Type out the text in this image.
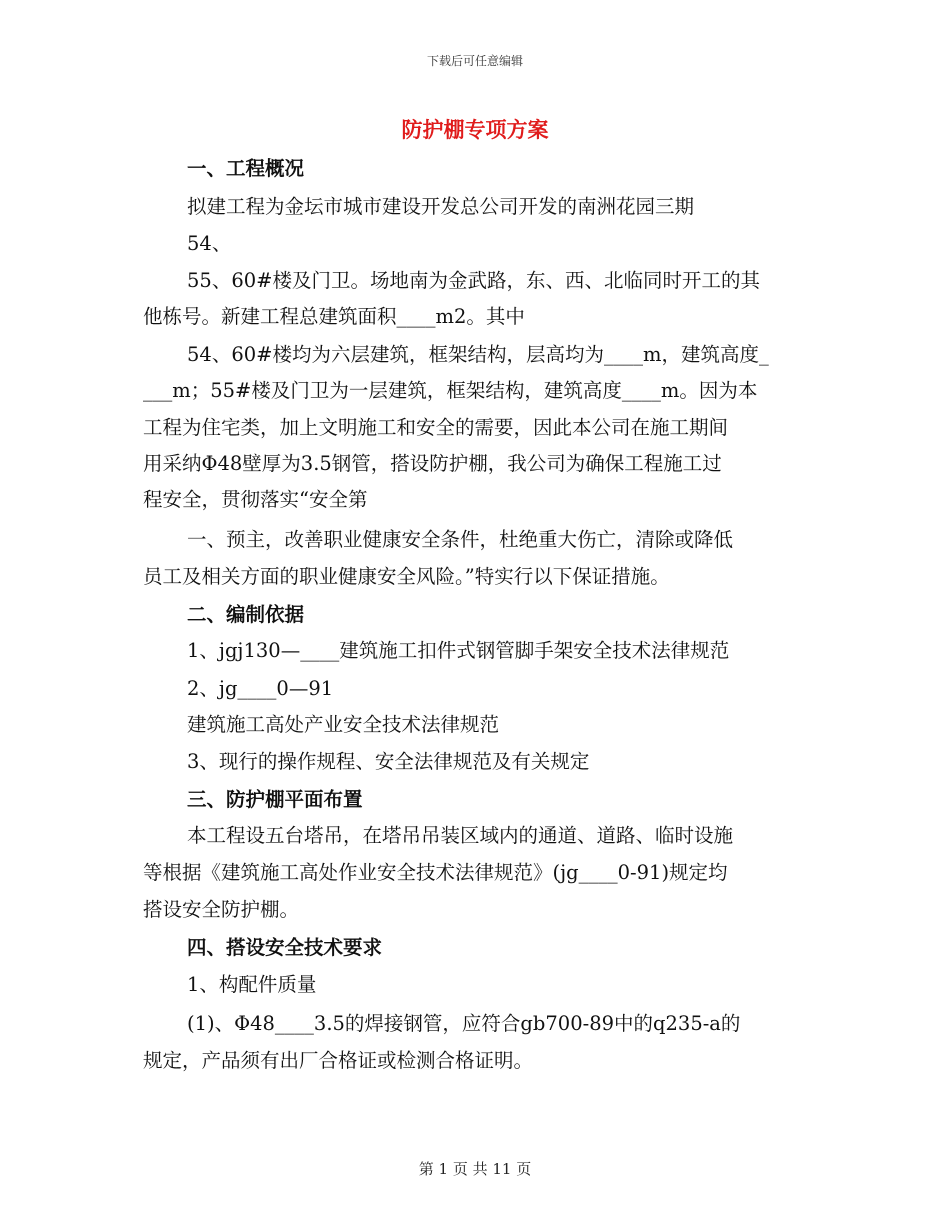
下载后可任意编辑
防护棚专项方案
一、工程概况
拟建工程为金坛市城市建设开发总公司开发的南洲花园三期
54、
55、60#楼及门卫。场地南为金武路，东、西、北临同时开工的其
他栋号。新建工程总建筑面积____m2。其中
54、60#楼均为六层建筑，框架结构，层高均为____m，建筑高度_
___m；55#楼及门卫为一层建筑，框架结构，建筑高度____m。因为本
工程为住宅类，加上文明施工和安全的需要，因此本公司在施工期间
用采纳Φ48壁厚为3.5钢管，搭设防护棚，我公司为确保工程施工过
程安全，贯彻落实“安全第
一、预主，改善职业健康安全条件，杜绝重大伤亡，清除或降低
员工及相关方面的职业健康安全风险。”特实行以下保证措施。
二、编制依据
1、jgj130—____建筑施工扣件式钢管脚手架安全技术法律规范
2、jg____0—91
建筑施工高处产业安全技术法律规范
3、现行的操作规程、安全法律规范及有关规定
三、防护棚平面布置
本工程设五台塔吊，在塔吊吊装区域内的通道、道路、临时设施
等根据《建筑施工高处作业安全技术法律规范》(jg____0-91)规定均
搭设安全防护棚。
四、搭设安全技术要求
1、构配件质量
(1)、Φ48____3.5的焊接钢管，应符合gb700-89中的q235-a的
规定，产品须有出厂合格证或检测合格证明。
第 1 页 共 11 页
